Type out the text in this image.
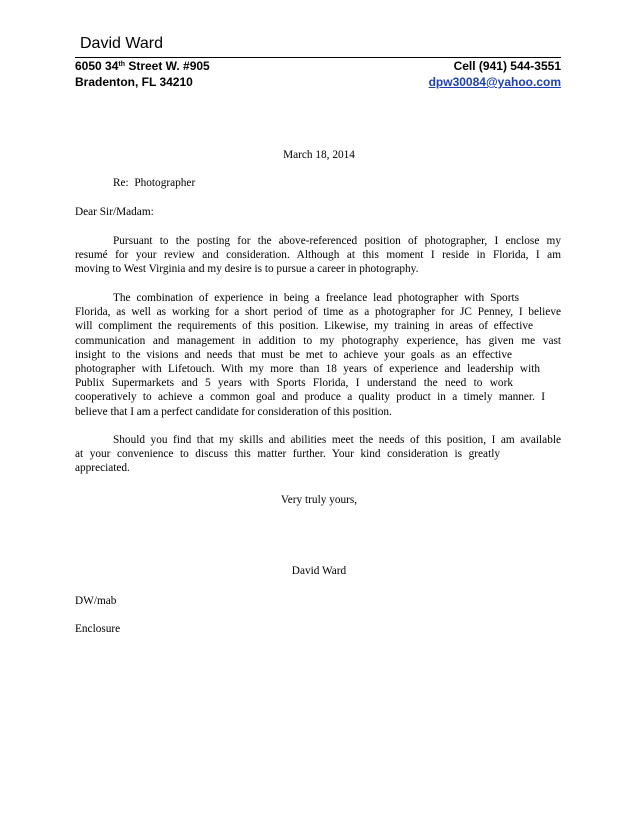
David Ward
6050 34th Street W. #905	Cell (941) 544-3551
Bradenton, FL 34210	dpw30084@yahoo.com
March 18, 2014
Re:  Photographer
Dear Sir/Madam:
Pursuant to the posting for the above-referenced position of photographer, I enclose my
resumé for your review and consideration. Although at this moment I reside in Florida, I am
moving to West Virginia and my desire is to pursue a career in photography.
The combination of experience in being a freelance lead photographer with Sports
Florida, as well as working for a short period of time as a photographer for JC Penney, I believe
will compliment the requirements of this position. Likewise, my training in areas of effective
communication and management in addition to my photography experience, has given me vast
insight to the visions and needs that must be met to achieve your goals as an effective
photographer with Lifetouch. With my more than 18 years of experience and leadership with
Publix Supermarkets and 5 years with Sports Florida, I understand the need to work
cooperatively to achieve a common goal and produce a quality product in a timely manner. I
believe that I am a perfect candidate for consideration of this position.
Should you find that my skills and abilities meet the needs of this position, I am available
at your convenience to discuss this matter further. Your kind consideration is greatly
appreciated.
Very truly yours,
David Ward
DW/mab
Enclosure
